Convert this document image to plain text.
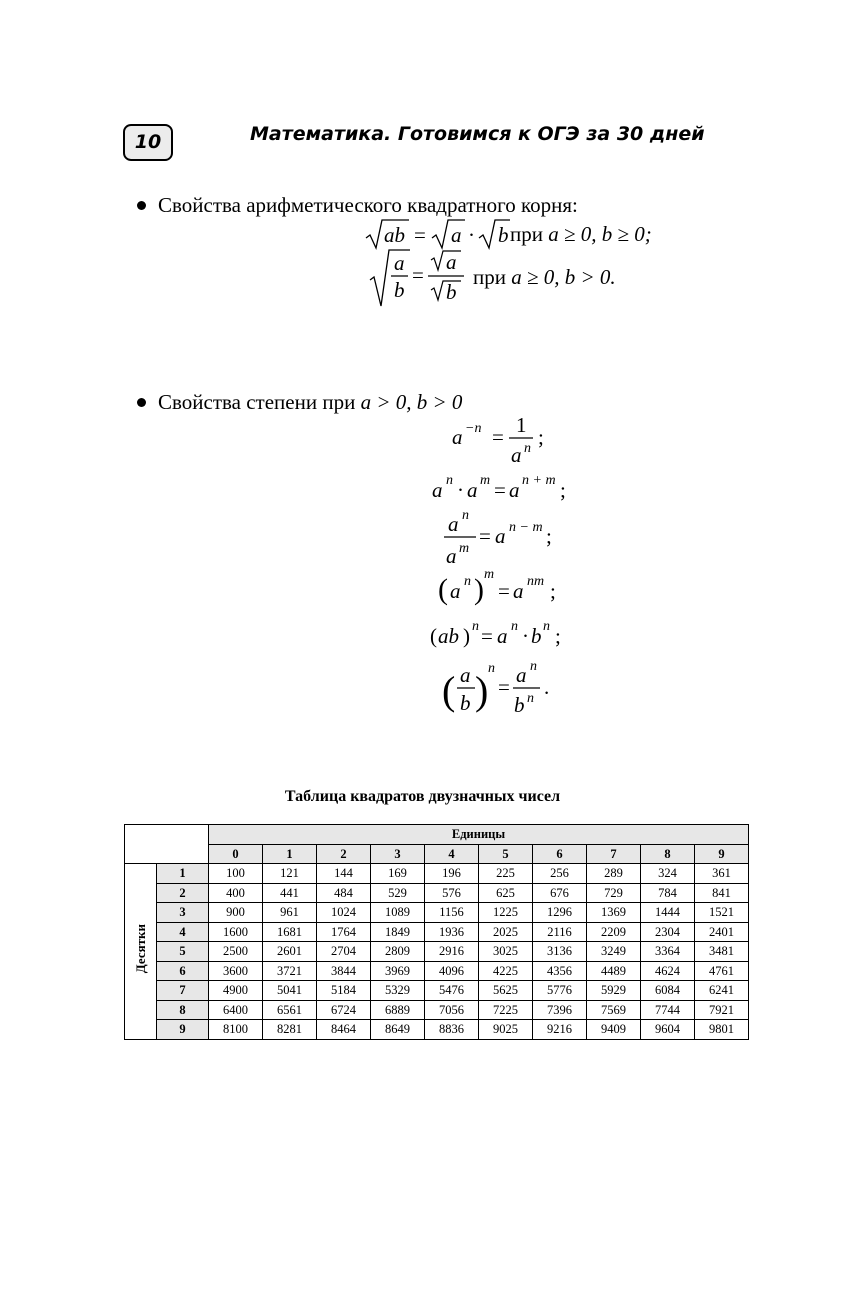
10	Математика. Готовимся к ОГЭ за 30 дней
Свойства арифметического квадратного корня:
ab = a · b при a ≥ 0, b ≥ 0;
a
b
=
a
b
при a ≥ 0, b > 0.
Свойства степени при a > 0, b > 0
a −n = 1
a n ;
a n · a m = a n + m ;
a n
a m
= a n − m ;
( a n ) m
= a nm ;
( ab ) n = a n · b n ;
( a
b ) n
= a n
b n .
Таблица квадратов двузначных чисел
		Единицы									
		0	1	2	3	4	5	6	7	8	9
Десятки	1	100	121	144	169	196	225	256	289	324	361
	2	400	441	484	529	576	625	676	729	784	841
	3	900	961	1024	1089	1156	1225	1296	1369	1444	1521
	4	1600	1681	1764	1849	1936	2025	2116	2209	2304	2401
	5	2500	2601	2704	2809	2916	3025	3136	3249	3364	3481
	6	3600	3721	3844	3969	4096	4225	4356	4489	4624	4761
	7	4900	5041	5184	5329	5476	5625	5776	5929	6084	6241
	8	6400	6561	6724	6889	7056	7225	7396	7569	7744	7921
	9	8100	8281	8464	8649	8836	9025	9216	9409	9604	9801
